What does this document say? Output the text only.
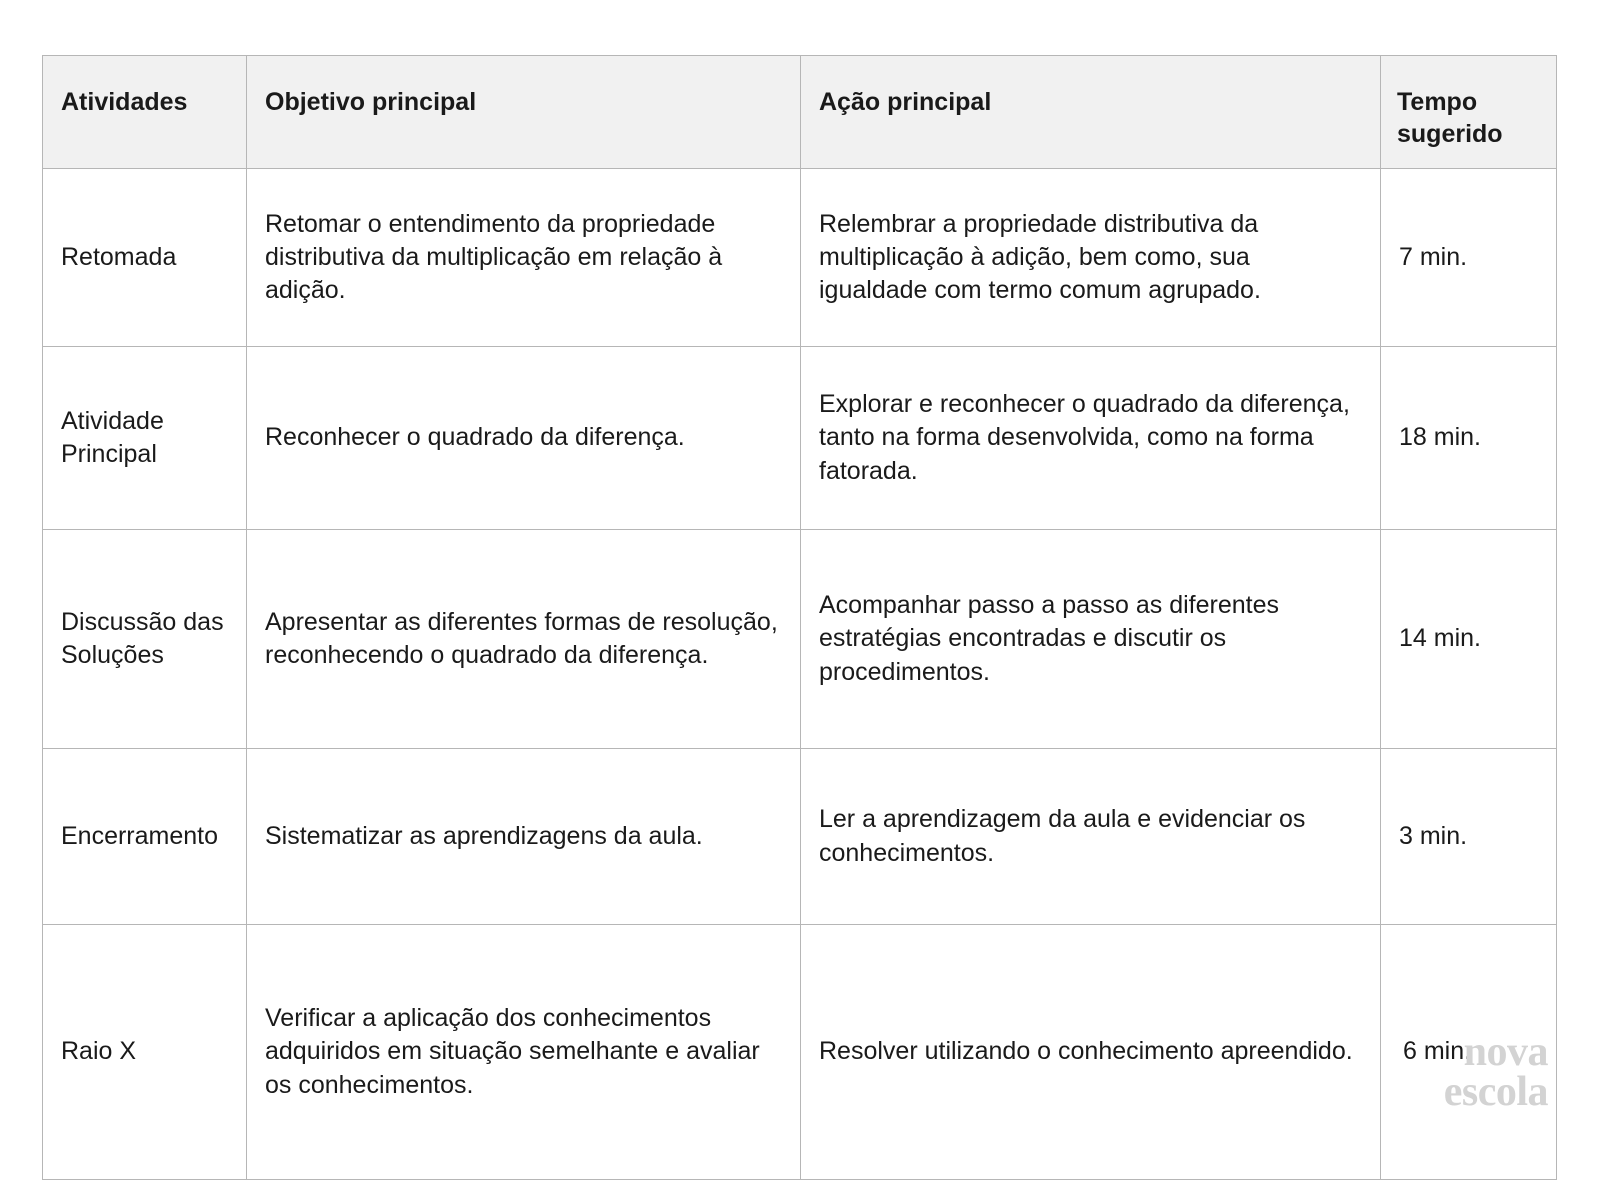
Atividades	Objetivo principal	Ação principal	Tempo
sugerido
Retomada	Retomar o entendimento da propriedade distributiva da multiplicação em relação à adição.	Relembrar a propriedade distributiva da multiplicação à adição, bem como, sua igualdade com termo comum agrupado.	7 min.
Atividade Principal	Reconhecer o quadrado da diferença.	Explorar e reconhecer o quadrado da diferença, tanto na forma desenvolvida, como na forma fatorada.	18 min.
Discussão das Soluções	Apresentar as diferentes formas de resolução, reconhecendo o quadrado da diferença.	Acompanhar passo a passo as diferentes estratégias encontradas e discutir os procedimentos.	14 min.
Encerramento	Sistematizar as aprendizagens da aula.	Ler a aprendizagem da aula e evidenciar os conhecimentos.	3 min.
Raio X	Verificar a aplicação dos conhecimentos adquiridos em situação semelhante e avaliar os conhecimentos.	Resolver utilizando o conhecimento apreendido.	6 min.
nova
escola
